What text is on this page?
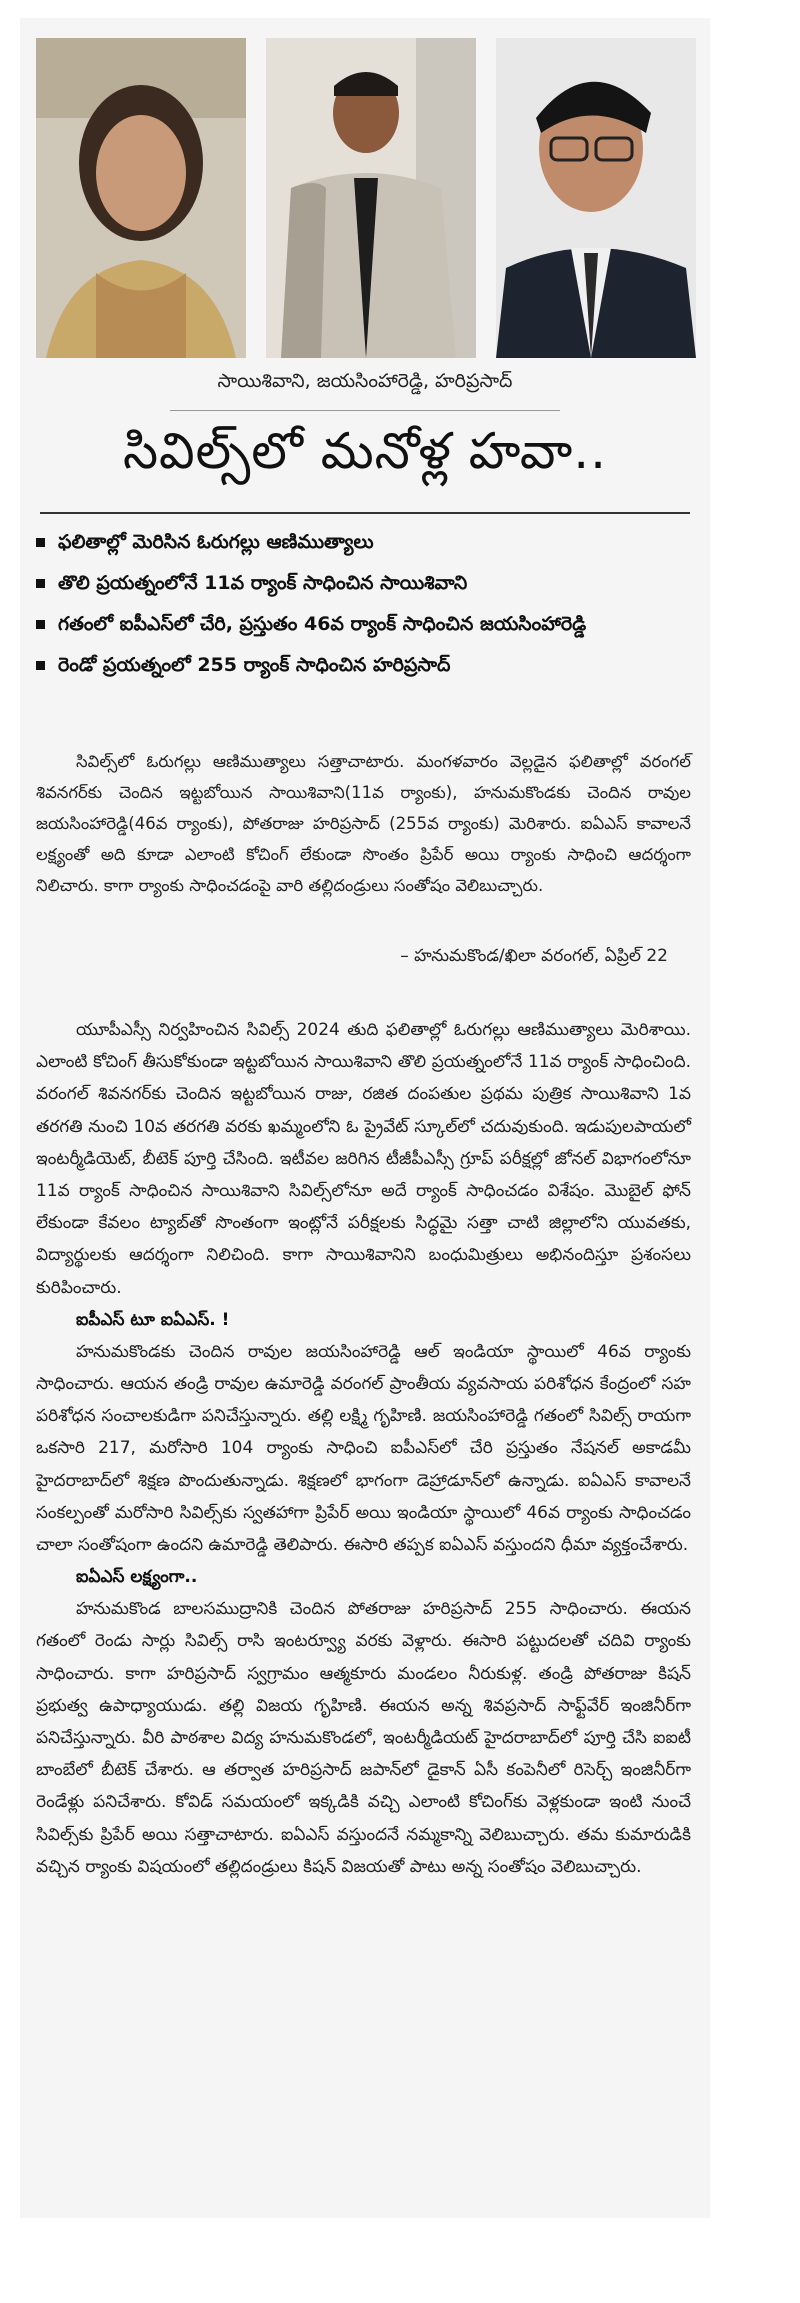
సాయిశివాని, జయసింహారెడ్డి, హరిప్రసాద్
సివిల్స్‌లో మనోళ్ల హవా..
ఫలితాల్లో మెరిసిన ఓరుగల్లు ఆణిముత్యాలు
తొలి ప్రయత్నంలోనే 11వ ర్యాంక్ సాధించిన సాయిశివాని
గతంలో ఐపీఎస్‌లో చేరి, ప్రస్తుతం 46వ ర్యాంక్ సాధించిన జయసింహారెడ్డి
రెండో ప్రయత్నంలో 255 ర్యాంక్ సాధించిన హరిప్రసాద్

సివిల్స్‌లో ఓరుగల్లు ఆణిముత్యాలు సత్తాచాటారు. మంగళవారం వెల్లడైన ఫలితాల్లో వరంగల్ శివనగర్‌కు చెందిన ఇట్టబోయిన సాయిశివాని(11వ ర్యాంకు), హనుమకొండకు చెందిన రావుల జయసింహారెడ్డి(46వ ర్యాంకు), పోతరాజు హరిప్రసాద్ (255వ ర్యాంకు) మెరిశారు. ఐఏఎస్ కావాలనే లక్ష్యంతో అది కూడా ఎలాంటి కోచింగ్ లేకుండా సొంతం ప్రిపేర్ అయి ర్యాంకు సాధించి ఆదర్శంగా నిలిచారు. కాగా ర్యాంకు సాధించడంపై వారి తల్లిదండ్రులు సంతోషం వెలిబుచ్చారు.

– హనుమకొండ/ఖిలా వరంగల్, ఏప్రిల్ 22

యూపీఎస్సీ నిర్వహించిన సివిల్స్ 2024 తుది ఫలితాల్లో ఓరుగల్లు ఆణిముత్యాలు మెరిశాయి. ఎలాంటి కోచింగ్ తీసుకోకుండా ఇట్టబోయిన సాయిశివాని తొలి ప్రయత్నంలోనే 11వ ర్యాంక్ సాధించింది. వరంగల్ శివనగర్‌కు చెందిన ఇట్టబోయిన రాజు, రజిత దంపతుల ప్రథమ పుత్రిక సాయిశివాని 1వ తరగతి నుంచి 10వ తరగతి వరకు ఖమ్మంలోని ఓ ప్రైవేట్ స్కూల్‌లో చదువుకుంది. ఇడుపులపాయలో ఇంటర్మీడియెట్, బీటెక్ పూర్తి చేసింది. ఇటీవల జరిగిన టీజీపీఎస్సీ గ్రూప్ పరీక్షల్లో జోనల్ విభాగంలోనూ 11వ ర్యాంక్ సాధించిన సాయిశివాని సివిల్స్‌లోనూ అదే ర్యాంక్ సాధించడం విశేషం. మొబైల్ ఫోన్ లేకుండా కేవలం ట్యాబ్‌తో సొంతంగా ఇంట్లోనే పరీక్షలకు సిద్ధమై సత్తా చాటి జిల్లాలోని యువతకు, విద్యార్థులకు ఆదర్శంగా నిలిచింది. కాగా సాయిశివానిని బంధుమిత్రులు అభినందిస్తూ ప్రశంసలు కురిపించారు.

ఐపీఎస్ టూ ఐఏఎస్. !

హనుమకొండకు చెందిన రావుల జయసింహారెడ్డి ఆల్ ఇండియా స్థాయిలో 46వ ర్యాంకు సాధించారు. ఆయన తండ్రి రావుల ఉమారెడ్డి వరంగల్ ప్రాంతీయ వ్యవసాయ పరిశోధన కేంద్రంలో సహ పరిశోధన సంచాలకుడిగా పనిచేస్తున్నారు. తల్లి లక్ష్మి గృహిణి. జయసింహారెడ్డి గతంలో సివిల్స్ రాయగా ఒకసారి 217, మరోసారి 104 ర్యాంకు సాధించి ఐపీఎస్‌లో చేరి ప్రస్తుతం నేషనల్ అకాడమీ హైదరాబాద్‌లో శిక్షణ పొందుతున్నాడు. శిక్షణలో భాగంగా డెహ్రాడూన్‌లో ఉన్నాడు. ఐఏఎస్ కావాలనే సంకల్పంతో మరోసారి సివిల్స్‌కు స్వతహాగా ప్రిపేర్ అయి ఇండియా స్థాయిలో 46వ ర్యాంకు సాధించడం చాలా సంతోషంగా ఉందని ఉమారెడ్డి తెలిపారు. ఈసారి తప్పక ఐఏఎస్ వస్తుందని ధీమా వ్యక్తంచేశారు.

ఐఏఎస్ లక్ష్యంగా..

హనుమకొండ బాలసముద్రానికి చెందిన పోతరాజు హరిప్రసాద్ 255 సాధించారు. ఈయన గతంలో రెండు సార్లు సివిల్స్ రాసి ఇంటర్వ్యూ వరకు వెళ్లారు. ఈసారి పట్టుదలతో చదివి ర్యాంకు సాధించారు. కాగా హరిప్రసాద్ స్వగ్రామం ఆత్మకూరు మండలం నీరుకుళ్ల. తండ్రి పోతరాజు కిషన్ ప్రభుత్వ ఉపాధ్యాయుడు. తల్లి విజయ గృహిణి. ఈయన అన్న శివప్రసాద్ సాఫ్ట్‌వేర్ ఇంజినీర్‌గా పనిచేస్తున్నారు. వీరి పాఠశాల విద్య హనుమకొండలో, ఇంటర్మీడియట్ హైదరాబాద్‌లో పూర్తి చేసి ఐఐటీ బాంబేలో బీటెక్ చేశారు. ఆ తర్వాత హరిప్రసాద్ జపాన్‌లో డైకాన్ ఏసీ కంపెనీలో రిసెర్చ్ ఇంజినీర్‌గా రెండేళ్లు పనిచేశారు. కోవిడ్ సమయంలో ఇక్కడికి వచ్చి ఎలాంటి కోచింగ్‌కు వెళ్లకుండా ఇంటి నుంచే సివిల్స్‌కు ప్రిపేర్ అయి సత్తాచాటారు. ఐఏఎస్ వస్తుందనే నమ్మకాన్ని వెలిబుచ్చారు. తమ కుమారుడికి వచ్చిన ర్యాంకు విషయంలో తల్లిదండ్రులు కిషన్ విజయతో పాటు అన్న సంతోషం వెలిబుచ్చారు.
